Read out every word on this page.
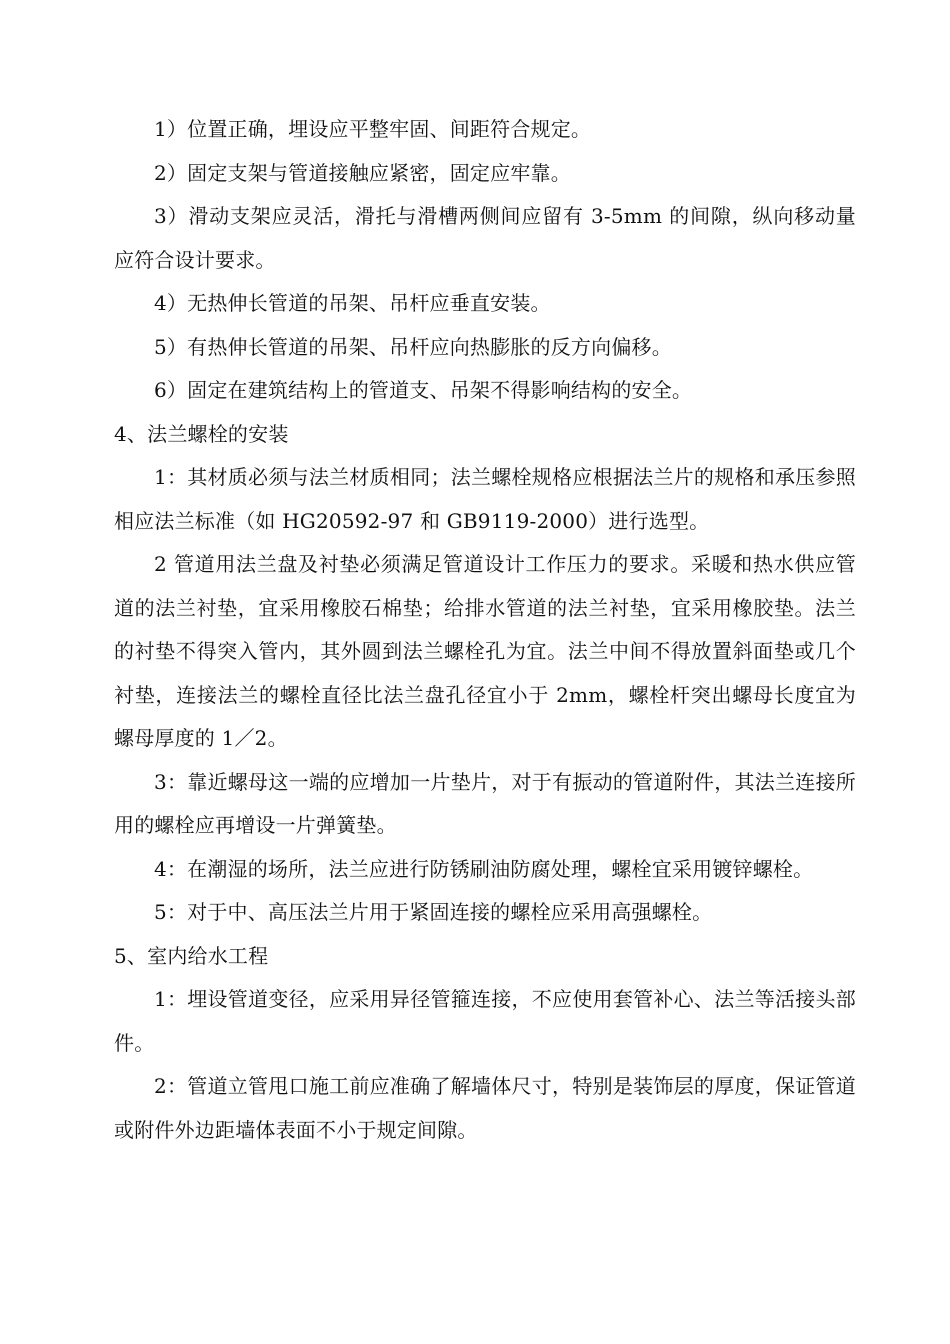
1）位置正确，埋设应平整牢固、间距符合规定。

2）固定支架与管道接触应紧密，固定应牢靠。

3）滑动支架应灵活，滑托与滑槽两侧间应留有 3-5mm 的间隙，纵向移动量应符合设计要求。

4）无热伸长管道的吊架、吊杆应垂直安装。

5）有热伸长管道的吊架、吊杆应向热膨胀的反方向偏移。

6）固定在建筑结构上的管道支、吊架不得影响结构的安全。

4、法兰螺栓的安装

1：其材质必须与法兰材质相同；法兰螺栓规格应根据法兰片的规格和承压参照相应法兰标准（如 HG20592-97 和 GB9119-2000）进行选型。

2 管道用法兰盘及衬垫必须满足管道设计工作压力的要求。采暖和热水供应管道的法兰衬垫，宜采用橡胶石棉垫；给排水管道的法兰衬垫，宜采用橡胶垫。法兰的衬垫不得突入管内，其外圆到法兰螺栓孔为宜。法兰中间不得放置斜面垫或几个衬垫，连接法兰的螺栓直径比法兰盘孔径宜小于 2mm，螺栓杆突出螺母长度宜为螺母厚度的 1／2。

3：靠近螺母这一端的应增加一片垫片，对于有振动的管道附件，其法兰连接所用的螺栓应再增设一片弹簧垫。

4：在潮湿的场所，法兰应进行防锈刷油防腐处理，螺栓宜采用镀锌螺栓。

5：对于中、高压法兰片用于紧固连接的螺栓应采用高强螺栓。

5、室内给水工程

1：埋设管道变径，应采用异径管箍连接，不应使用套管补心、法兰等活接头部件。

2：管道立管甩口施工前应准确了解墙体尺寸，特别是装饰层的厚度，保证管道或附件外边距墙体表面不小于规定间隙。
